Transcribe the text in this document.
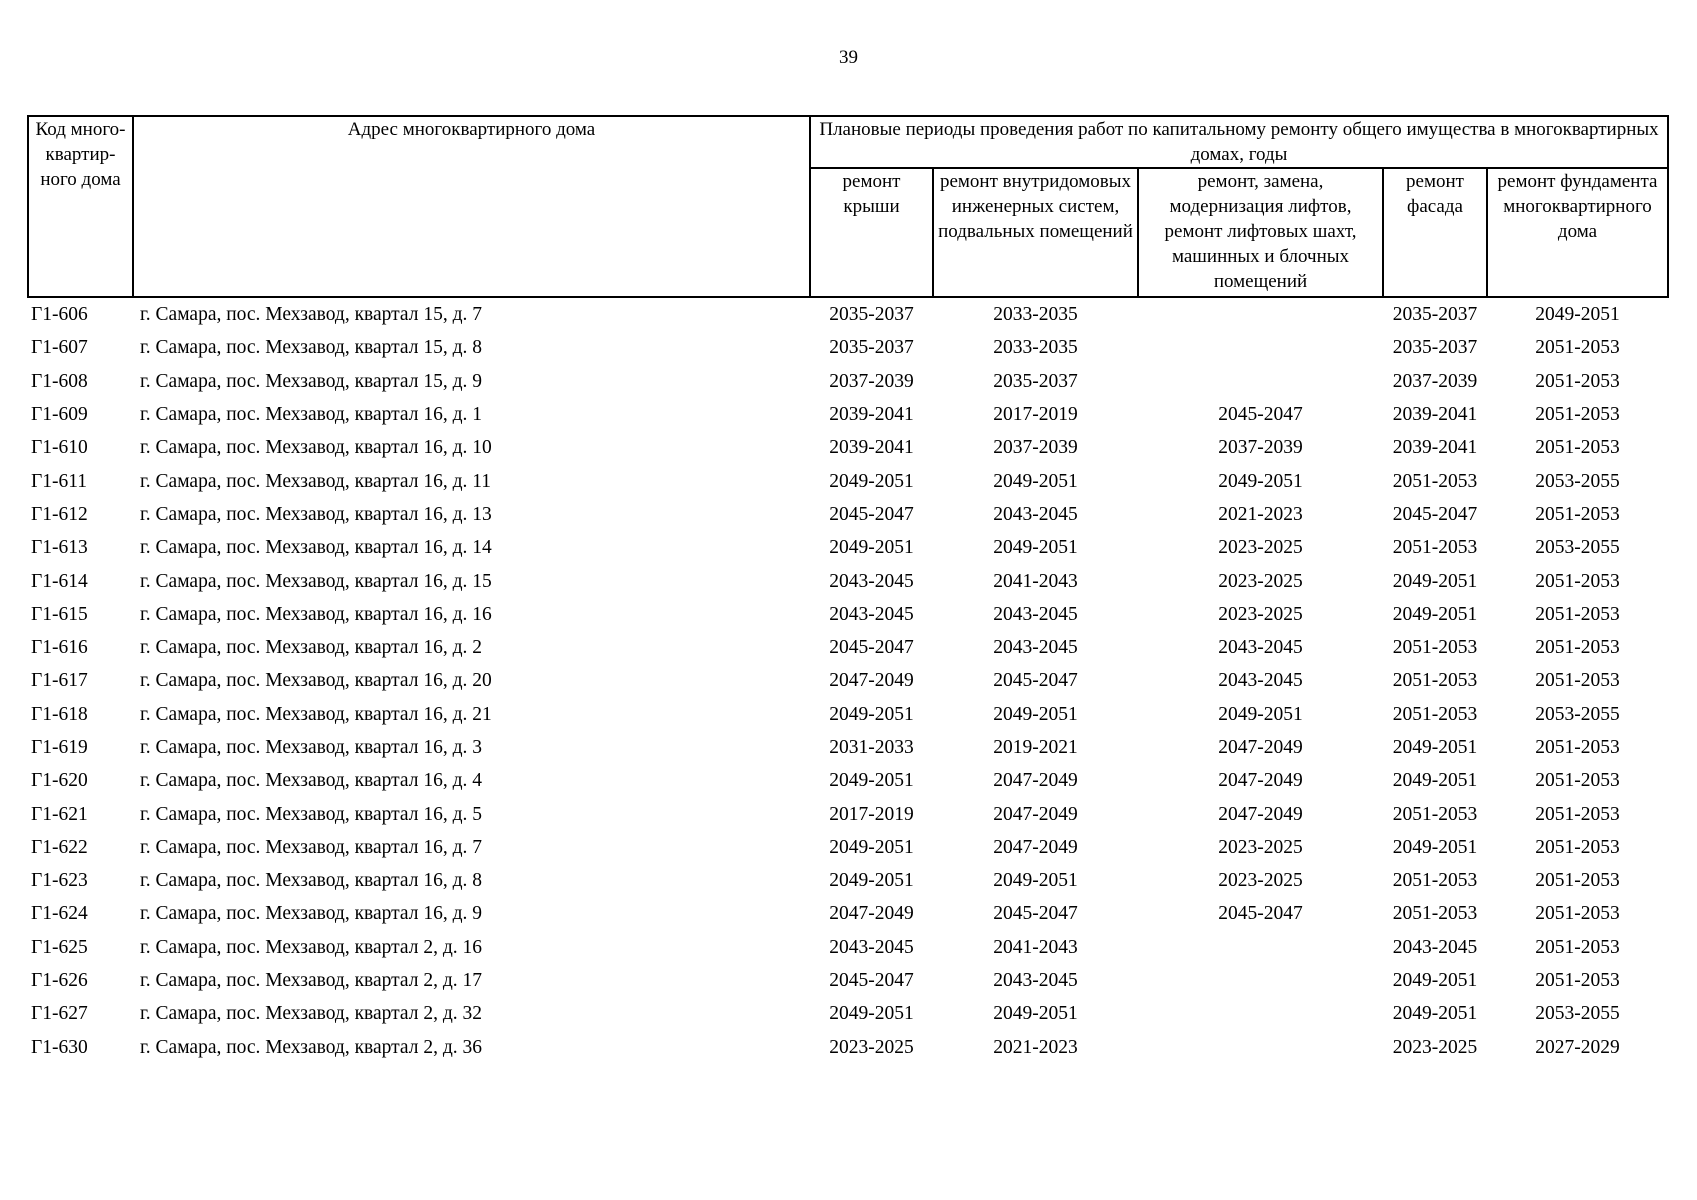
39
Код много-квартир-ного дома	Адрес многоквартирного дома	Плановые периоды проведения работ по капитальному ремонту общего имущества в многоквартирных домах, годы				
		ремонт крыши	ремонт внутридомовых инженерных систем, подвальных помещений	ремонт, замена, модернизация лифтов, ремонт лифтовых шахт, машинных и блочных помещений	ремонт фасада	ремонт фундамента многоквартирного дома
Г1-606	г. Самара, пос. Мехзавод, квартал 15, д. 7	2035-2037	2033-2035		2035-2037	2049-2051
Г1-607	г. Самара, пос. Мехзавод, квартал 15, д. 8	2035-2037	2033-2035		2035-2037	2051-2053
Г1-608	г. Самара, пос. Мехзавод, квартал 15, д. 9	2037-2039	2035-2037		2037-2039	2051-2053
Г1-609	г. Самара, пос. Мехзавод, квартал 16, д. 1	2039-2041	2017-2019	2045-2047	2039-2041	2051-2053
Г1-610	г. Самара, пос. Мехзавод, квартал 16, д. 10	2039-2041	2037-2039	2037-2039	2039-2041	2051-2053
Г1-611	г. Самара, пос. Мехзавод, квартал 16, д. 11	2049-2051	2049-2051	2049-2051	2051-2053	2053-2055
Г1-612	г. Самара, пос. Мехзавод, квартал 16, д. 13	2045-2047	2043-2045	2021-2023	2045-2047	2051-2053
Г1-613	г. Самара, пос. Мехзавод, квартал 16, д. 14	2049-2051	2049-2051	2023-2025	2051-2053	2053-2055
Г1-614	г. Самара, пос. Мехзавод, квартал 16, д. 15	2043-2045	2041-2043	2023-2025	2049-2051	2051-2053
Г1-615	г. Самара, пос. Мехзавод, квартал 16, д. 16	2043-2045	2043-2045	2023-2025	2049-2051	2051-2053
Г1-616	г. Самара, пос. Мехзавод, квартал 16, д. 2	2045-2047	2043-2045	2043-2045	2051-2053	2051-2053
Г1-617	г. Самара, пос. Мехзавод, квартал 16, д. 20	2047-2049	2045-2047	2043-2045	2051-2053	2051-2053
Г1-618	г. Самара, пос. Мехзавод, квартал 16, д. 21	2049-2051	2049-2051	2049-2051	2051-2053	2053-2055
Г1-619	г. Самара, пос. Мехзавод, квартал 16, д. 3	2031-2033	2019-2021	2047-2049	2049-2051	2051-2053
Г1-620	г. Самара, пос. Мехзавод, квартал 16, д. 4	2049-2051	2047-2049	2047-2049	2049-2051	2051-2053
Г1-621	г. Самара, пос. Мехзавод, квартал 16, д. 5	2017-2019	2047-2049	2047-2049	2051-2053	2051-2053
Г1-622	г. Самара, пос. Мехзавод, квартал 16, д. 7	2049-2051	2047-2049	2023-2025	2049-2051	2051-2053
Г1-623	г. Самара, пос. Мехзавод, квартал 16, д. 8	2049-2051	2049-2051	2023-2025	2051-2053	2051-2053
Г1-624	г. Самара, пос. Мехзавод, квартал 16, д. 9	2047-2049	2045-2047	2045-2047	2051-2053	2051-2053
Г1-625	г. Самара, пос. Мехзавод, квартал 2, д. 16	2043-2045	2041-2043		2043-2045	2051-2053
Г1-626	г. Самара, пос. Мехзавод, квартал 2, д. 17	2045-2047	2043-2045		2049-2051	2051-2053
Г1-627	г. Самара, пос. Мехзавод, квартал 2, д. 32	2049-2051	2049-2051		2049-2051	2053-2055
Г1-630	г. Самара, пос. Мехзавод, квартал 2, д. 36	2023-2025	2021-2023		2023-2025	2027-2029
